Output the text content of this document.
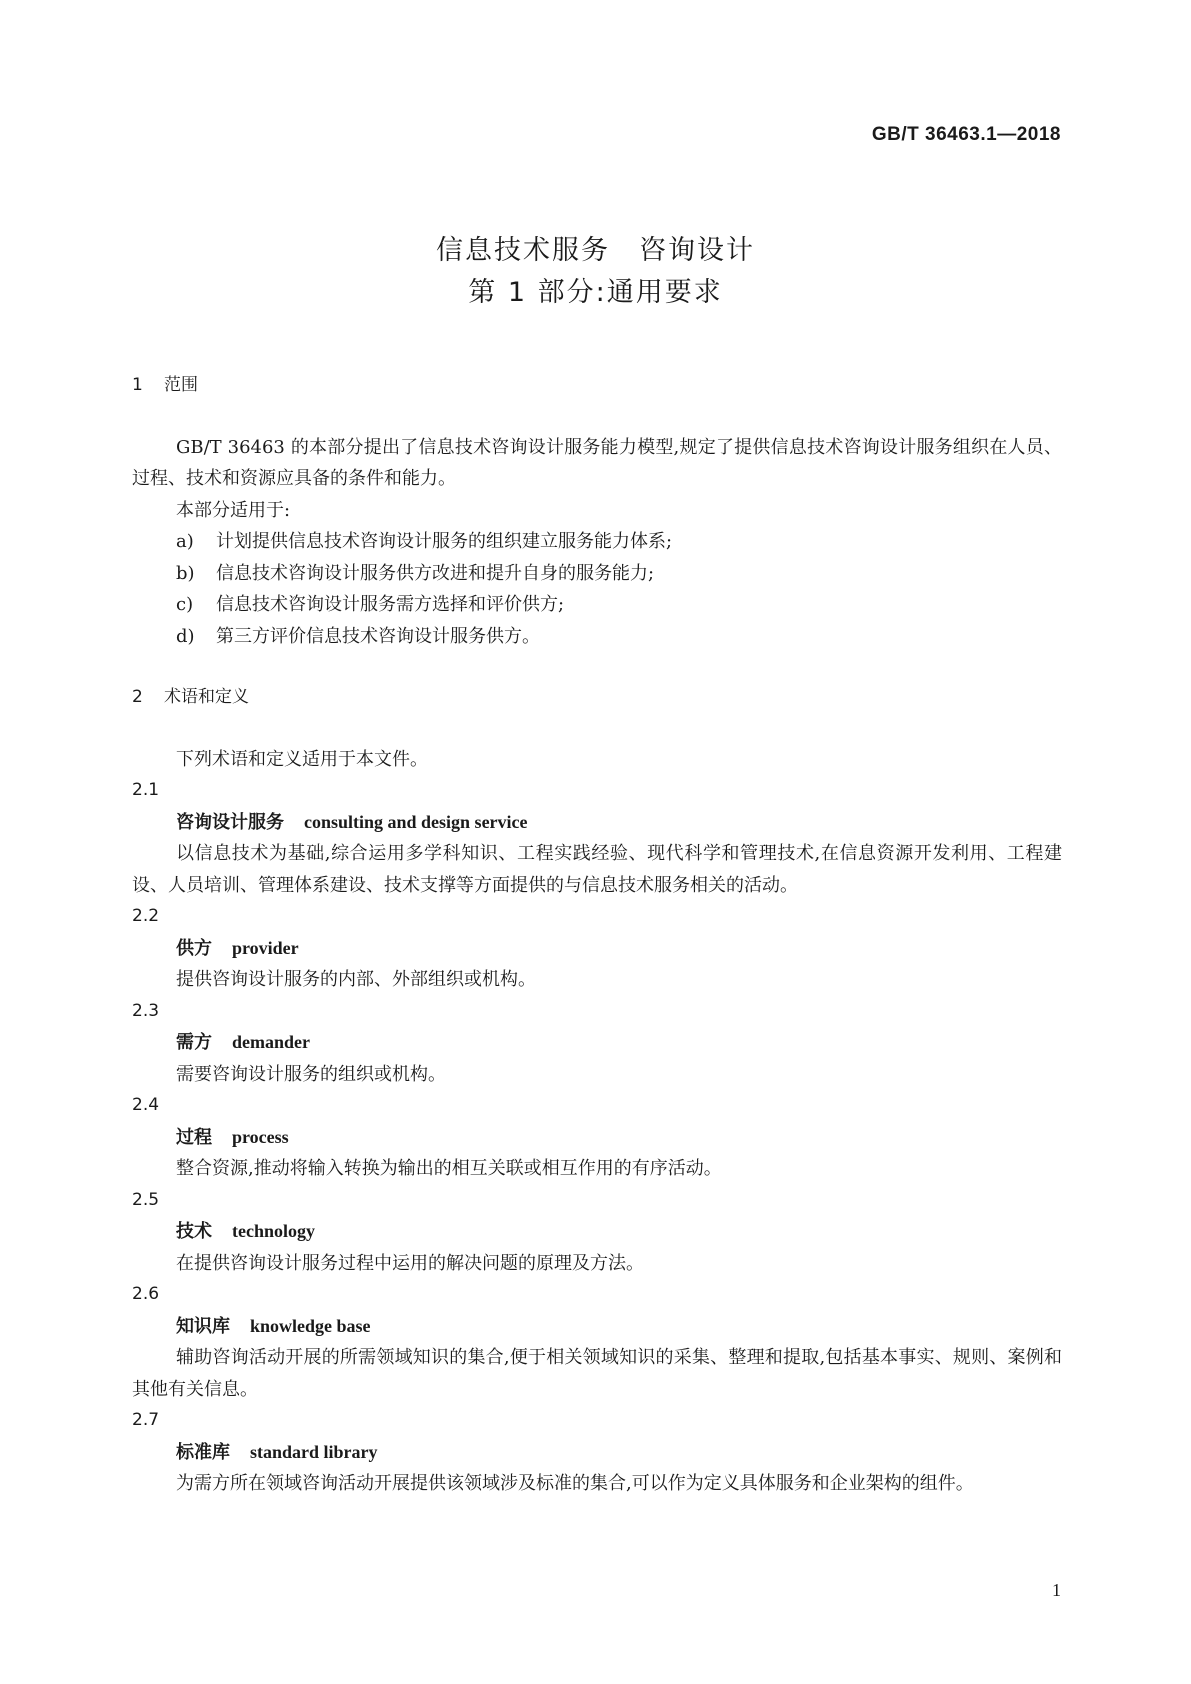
GB/T 36463.1—2018
信息技术服务　咨询设计
第 1 部分:通用要求
1 范围

GB/T 36463 的本部分提出了信息技术咨询设计服务能力模型,规定了提供信息技术咨询设计服务组织在人员、过程、技术和资源应具备的条件和能力。

本部分适用于:

a) 计划提供信息技术咨询设计服务的组织建立服务能力体系;

b) 信息技术咨询设计服务供方改进和提升自身的服务能力;

c) 信息技术咨询设计服务需方选择和评价供方;

d) 第三方评价信息技术咨询设计服务供方。

2 术语和定义

下列术语和定义适用于本文件。

2.1
咨询设计服务 consulting and design service

以信息技术为基础,综合运用多学科知识、工程实践经验、现代科学和管理技术,在信息资源开发利用、工程建设、人员培训、管理体系建设、技术支撑等方面提供的与信息技术服务相关的活动。

2.2
供方 provider

提供咨询设计服务的内部、外部组织或机构。

2.3
需方 demander

需要咨询设计服务的组织或机构。

2.4
过程 process

整合资源,推动将输入转换为输出的相互关联或相互作用的有序活动。

2.5
技术 technology

在提供咨询设计服务过程中运用的解决问题的原理及方法。

2.6
知识库 knowledge base

辅助咨询活动开展的所需领域知识的集合,便于相关领域知识的采集、整理和提取,包括基本事实、规则、案例和其他有关信息。

2.7
标准库 standard library

为需方所在领域咨询活动开展提供该领域涉及标准的集合,可以作为定义具体服务和企业架构的组件。

1
